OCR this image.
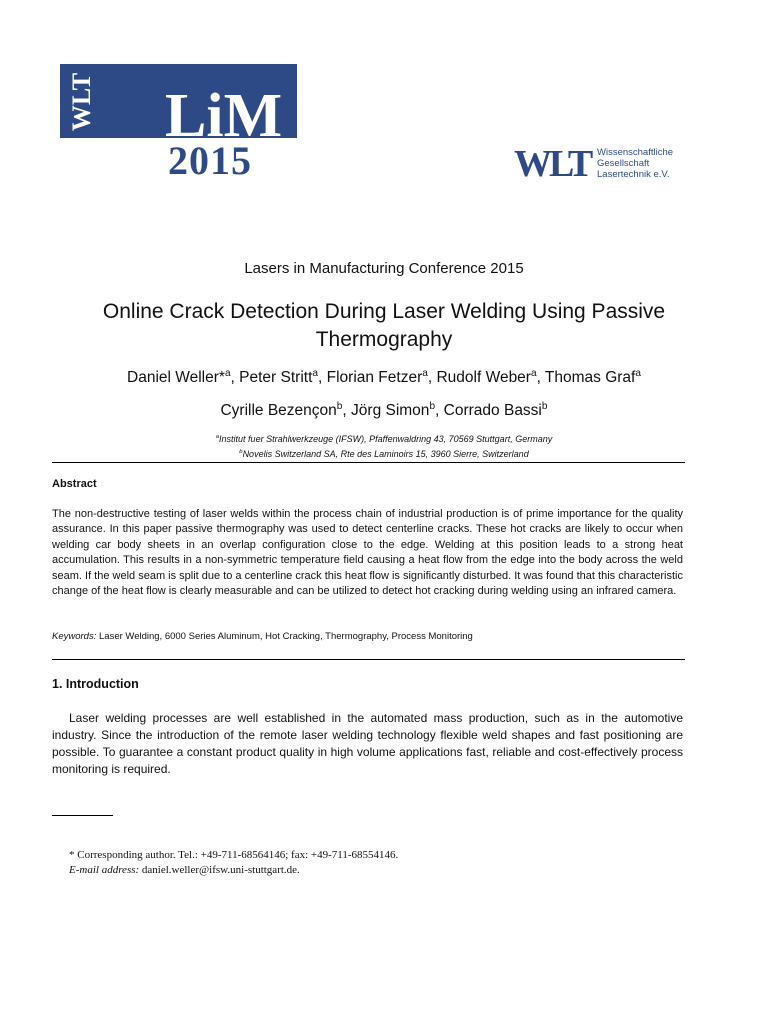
WLT LiM
2015	WLT Wissenschaftliche
Gesellschaft
Lasertechnik e.V.
Lasers in Manufacturing Conference 2015
Online Crack Detection During Laser Welding Using Passive
Thermography
Daniel Weller*$^a$, Peter Stritt$^a$, Florian Fetzer$^a$, Rudolf Weber$^a$, Thomas Graf$^a$
Cyrille Bezençon$^b$, Jörg Simon$^b$, Corrado Bassi$^b$
$^a$Institut fuer Strahlwerkzeuge (IFSW), Pfaffenwaldring 43, 70569 Stuttgart, Germany
$^b$Novelis Switzerland SA, Rte des Laminoirs 15, 3960 Sierre, Switzerland
Abstract
The non-destructive testing of laser welds within the process chain of industrial production is of prime importance for the quality assurance. In this paper passive thermography was used to detect centerline cracks. These hot cracks are likely to occur when welding car body sheets in an overlap configuration close to the edge. Welding at this position leads to a strong heat accumulation. This results in a non-symmetric temperature field causing a heat flow from the edge into the body across the weld seam. If the weld seam is split due to a centerline crack this heat flow is significantly disturbed. It was found that this characteristic change of the heat flow is clearly measurable and can be utilized to detect hot cracking during welding using an infrared camera.
Keywords: Laser Welding, 6000 Series Aluminum, Hot Cracking, Thermography, Process Monitoring
1. Introduction
Laser welding processes are well established in the automated mass production, such as in the automotive industry. Since the introduction of the remote laser welding technology flexible weld shapes and fast positioning are possible. To guarantee a constant product quality in high volume applications fast, reliable and cost-effectively process monitoring is required.
* Corresponding author. Tel.: +49-711-68564146; fax: +49-711-68554146.
E-mail address: daniel.weller@ifsw.uni-stuttgart.de.
